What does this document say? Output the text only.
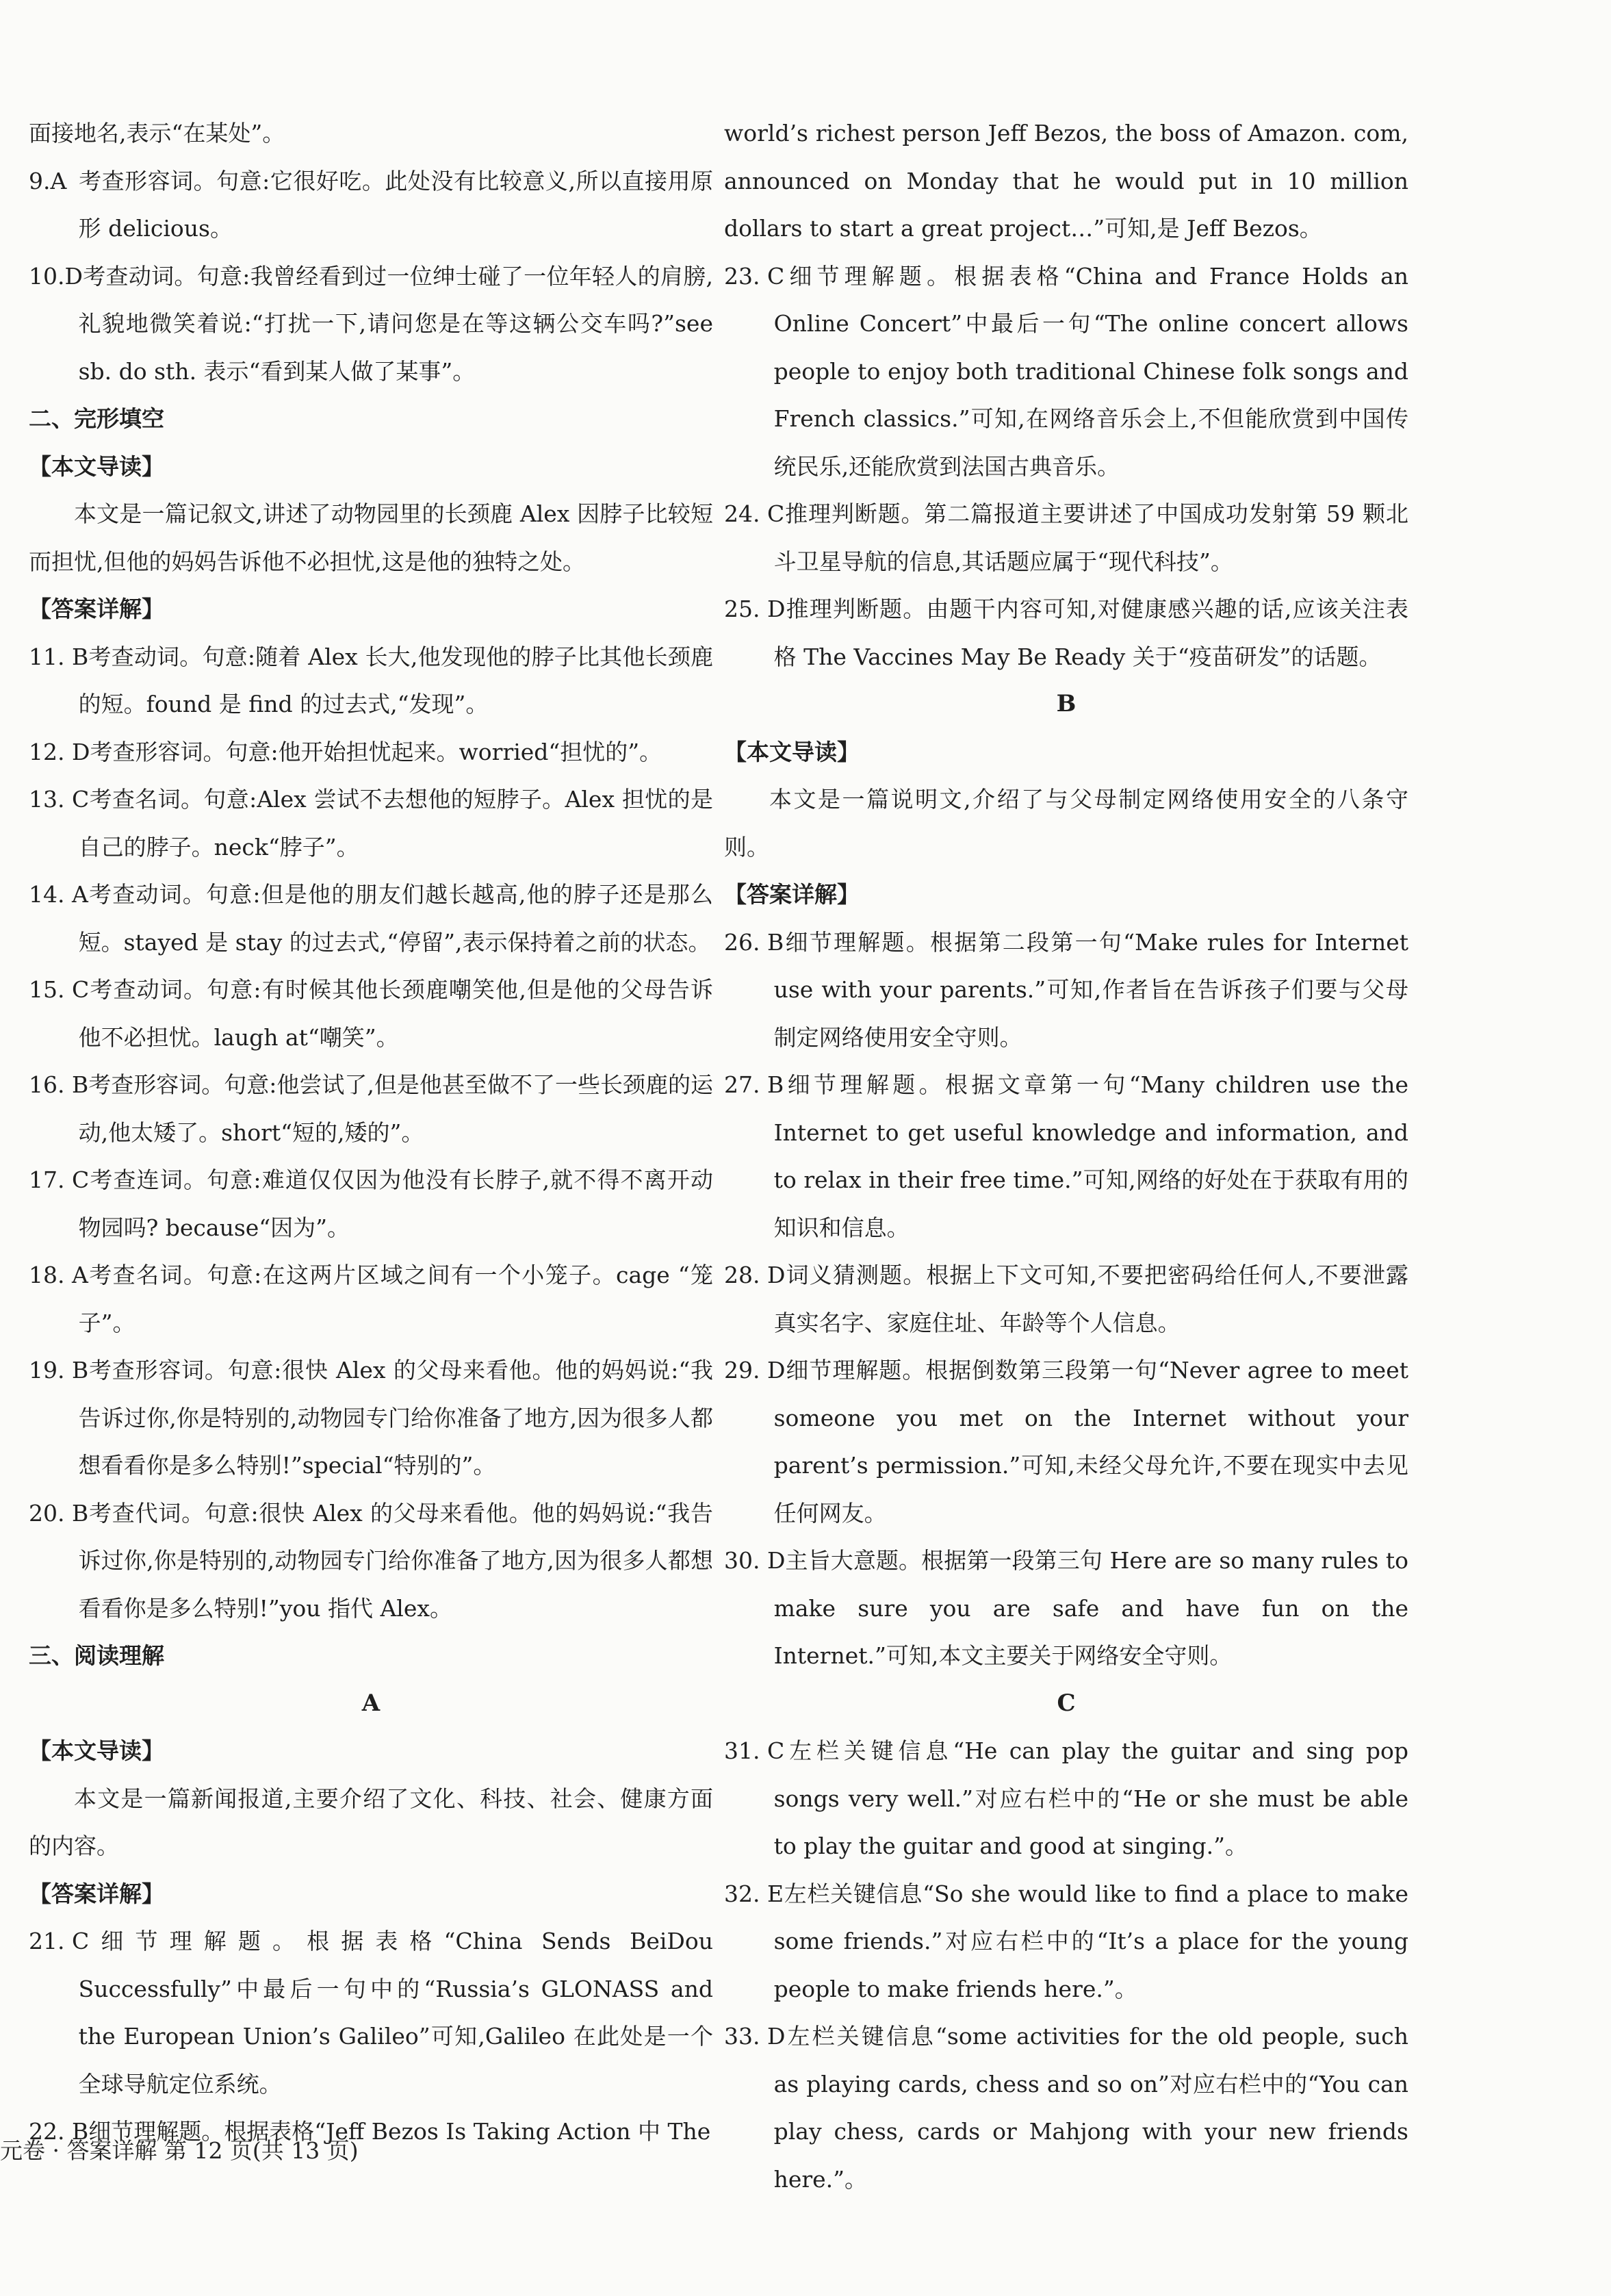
面接地名,表示“在某处”。

9.A 考查形容词。句意:它很好吃。此处没有比较意义,所以直接用原形 delicious。

10.D考查动词。句意:我曾经看到过一位绅士碰了一位年轻人的肩膀,礼貌地微笑着说:“打扰一下,请问您是在等这辆公交车吗?”see sb. do sth. 表示“看到某人做了某事”。

二、完形填空

【本文导读】

本文是一篇记叙文,讲述了动物园里的长颈鹿 Alex 因脖子比较短而担忧,但他的妈妈告诉他不必担忧,这是他的独特之处。

【答案详解】

11. B考查动词。句意:随着 Alex 长大,他发现他的脖子比其他长颈鹿的短。found 是 find 的过去式,“发现”。

12. D考查形容词。句意:他开始担忧起来。worried“担忧的”。

13. C考查名词。句意:Alex 尝试不去想他的短脖子。Alex 担忧的是自己的脖子。neck“脖子”。

14. A考查动词。句意:但是他的朋友们越长越高,他的脖子还是那么短。stayed 是 stay 的过去式,“停留”,表示保持着之前的状态。

15. C考查动词。句意:有时候其他长颈鹿嘲笑他,但是他的父母告诉他不必担忧。laugh at“嘲笑”。

16. B考查形容词。句意:他尝试了,但是他甚至做不了一些长颈鹿的运动,他太矮了。short“短的,矮的”。

17. C考查连词。句意:难道仅仅因为他没有长脖子,就不得不离开动物园吗? because“因为”。

18. A考查名词。句意:在这两片区域之间有一个小笼子。cage “笼子”。

19. B考查形容词。句意:很快 Alex 的父母来看他。他的妈妈说:“我告诉过你,你是特别的,动物园专门给你准备了地方,因为很多人都想看看你是多么特别!”special“特别的”。

20. B考查代词。句意:很快 Alex 的父母来看他。他的妈妈说:“我告诉过你,你是特别的,动物园专门给你准备了地方,因为很多人都想看看你是多么特别!”you 指代 Alex。

三、阅读理解

A

【本文导读】

本文是一篇新闻报道,主要介绍了文化、科技、社会、健康方面的内容。

【答案详解】

21. C细节理解题。根据表格“China Sends BeiDou Successfully”中最后一句中的“Russia’s GLONASS and the European Union’s Galileo”可知,Galileo 在此处是一个全球导航定位系统。

22. B细节理解题。根据表格“Jeff Bezos Is Taking Action 中 The

world’s richest person Jeff Bezos, the boss of Amazon. com, announced on Monday that he would put in 10 million dollars to start a great project…”可知,是 Jeff Bezos。

23. C细节理解题。根据表格“China and France Holds an Online Concert”中最后一句“The online concert allows people to enjoy both traditional Chinese folk songs and French classics.”可知,在网络音乐会上,不但能欣赏到中国传统民乐,还能欣赏到法国古典音乐。

24. C推理判断题。第二篇报道主要讲述了中国成功发射第 59 颗北斗卫星导航的信息,其话题应属于“现代科技”。

25. D推理判断题。由题干内容可知,对健康感兴趣的话,应该关注表格 The Vaccines May Be Ready 关于“疫苗研发”的话题。

B

【本文导读】

本文是一篇说明文,介绍了与父母制定网络使用安全的八条守则。

【答案详解】

26. B细节理解题。根据第二段第一句“Make rules for Internet use with your parents.”可知,作者旨在告诉孩子们要与父母制定网络使用安全守则。

27. B细节理解题。根据文章第一句“Many children use the Internet to get useful knowledge and information, and to relax in their free time.”可知,网络的好处在于获取有用的知识和信息。

28. D词义猜测题。根据上下文可知,不要把密码给任何人,不要泄露真实名字、家庭住址、年龄等个人信息。

29. D细节理解题。根据倒数第三段第一句“Never agree to meet someone you met on the Internet without your parent’s permission.”可知,未经父母允许,不要在现实中去见任何网友。

30. D主旨大意题。根据第一段第三句 Here are so many rules to make sure you are safe and have fun on the Internet.”可知,本文主要关于网络安全守则。

C

31. C左栏关键信息“He can play the guitar and sing pop songs very well.”对应右栏中的“He or she must be able to play the guitar and good at singing.”。

32. E左栏关键信息“So she would like to find a place to make some friends.”对应右栏中的“It’s a place for the young people to make friends here.”。

33. D左栏关键信息“some activities for the old people, such as playing cards, chess and so on”对应右栏中的“You can play chess, cards or Mahjong with your new friends here.”。

元卷 · 答案详解 第 12 页(共 13 页)
